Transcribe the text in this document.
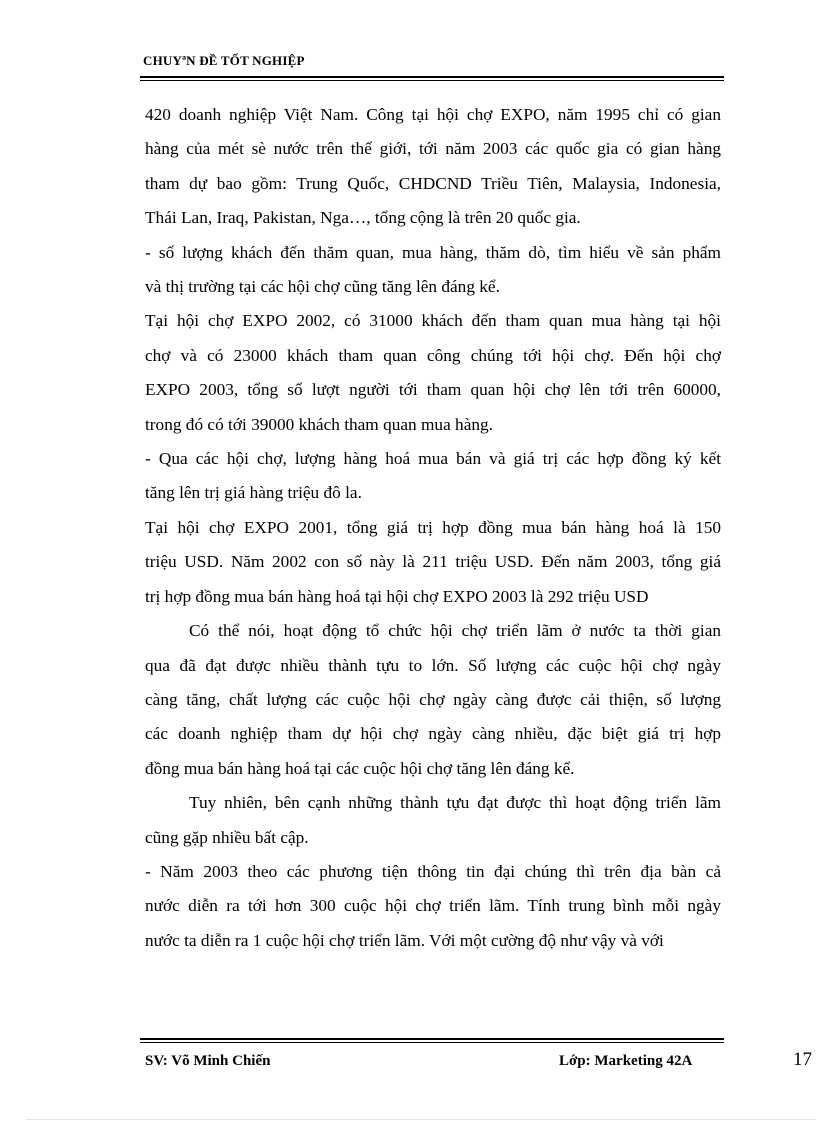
CHUYªN ĐỀ TỐT NGHIỆP
420 doanh nghiệp Việt Nam. Công tại hội chợ EXPO, năm 1995 chỉ có gian
hàng của mét sè nước trên thế giới, tới năm 2003 các quốc gia có gian hàng
tham dự bao gồm: Trung Quốc, CHDCND Triều Tiên, Malaysia, Indonesia,
Thái Lan, Iraq, Pakistan, Nga…, tổng cộng là trên 20 quốc gia.
- số lượng khách đến thăm quan, mua hàng, thăm dò, tìm hiểu về sản phẩm
và thị trường tại các hội chợ cũng tăng lên đáng kể.
Tại hội chợ EXPO 2002, có 31000 khách đến tham quan mua hàng tại hội
chợ và có 23000 khách tham quan công chúng tới hội chợ. Đến hội chợ
EXPO 2003, tổng số lượt người tới tham quan hội chợ lên tới trên 60000,
trong đó có tới 39000 khách tham quan mua hàng.
- Qua các hội chợ, lượng hàng hoá mua bán và giá trị các hợp đồng ký kết
tăng lên trị giá hàng triệu đô la.
Tại hội chợ EXPO 2001, tổng giá trị hợp đồng mua bán hàng hoá là 150
triệu USD. Năm 2002 con số này là 211 triệu USD. Đến năm 2003, tổng giá
trị hợp đồng mua bán hàng hoá tại hội chợ EXPO 2003 là 292 triệu USD
Có thể nói, hoạt động tổ chức hội chợ triển lãm ở nước ta thời gian
qua đã đạt được nhiều thành tựu to lớn. Số lượng các cuộc hội chợ ngày
càng tăng, chất lượng các cuộc hội chợ ngày càng được cải thiện, số lượng
các doanh nghiệp tham dự hội chợ ngày càng nhiều, đặc biệt giá trị hợp
đồng mua bán hàng hoá tại các cuộc hội chợ tăng lên đáng kể.
Tuy nhiên, bên cạnh những thành tựu đạt được thì hoạt động triển lãm
cũng gặp nhiều bất cập.
- Năm 2003 theo các phương tiện thông tin đại chúng thì trên địa bàn cả
nước diễn ra tới hơn 300 cuộc hội chợ triển lãm. Tính trung bình mỗi ngày
nước ta diễn ra 1 cuộc hội chợ triển lãm. Với một cường độ như vậy và với
SV: Võ Minh Chiến	Lớp: Marketing 42A	17
